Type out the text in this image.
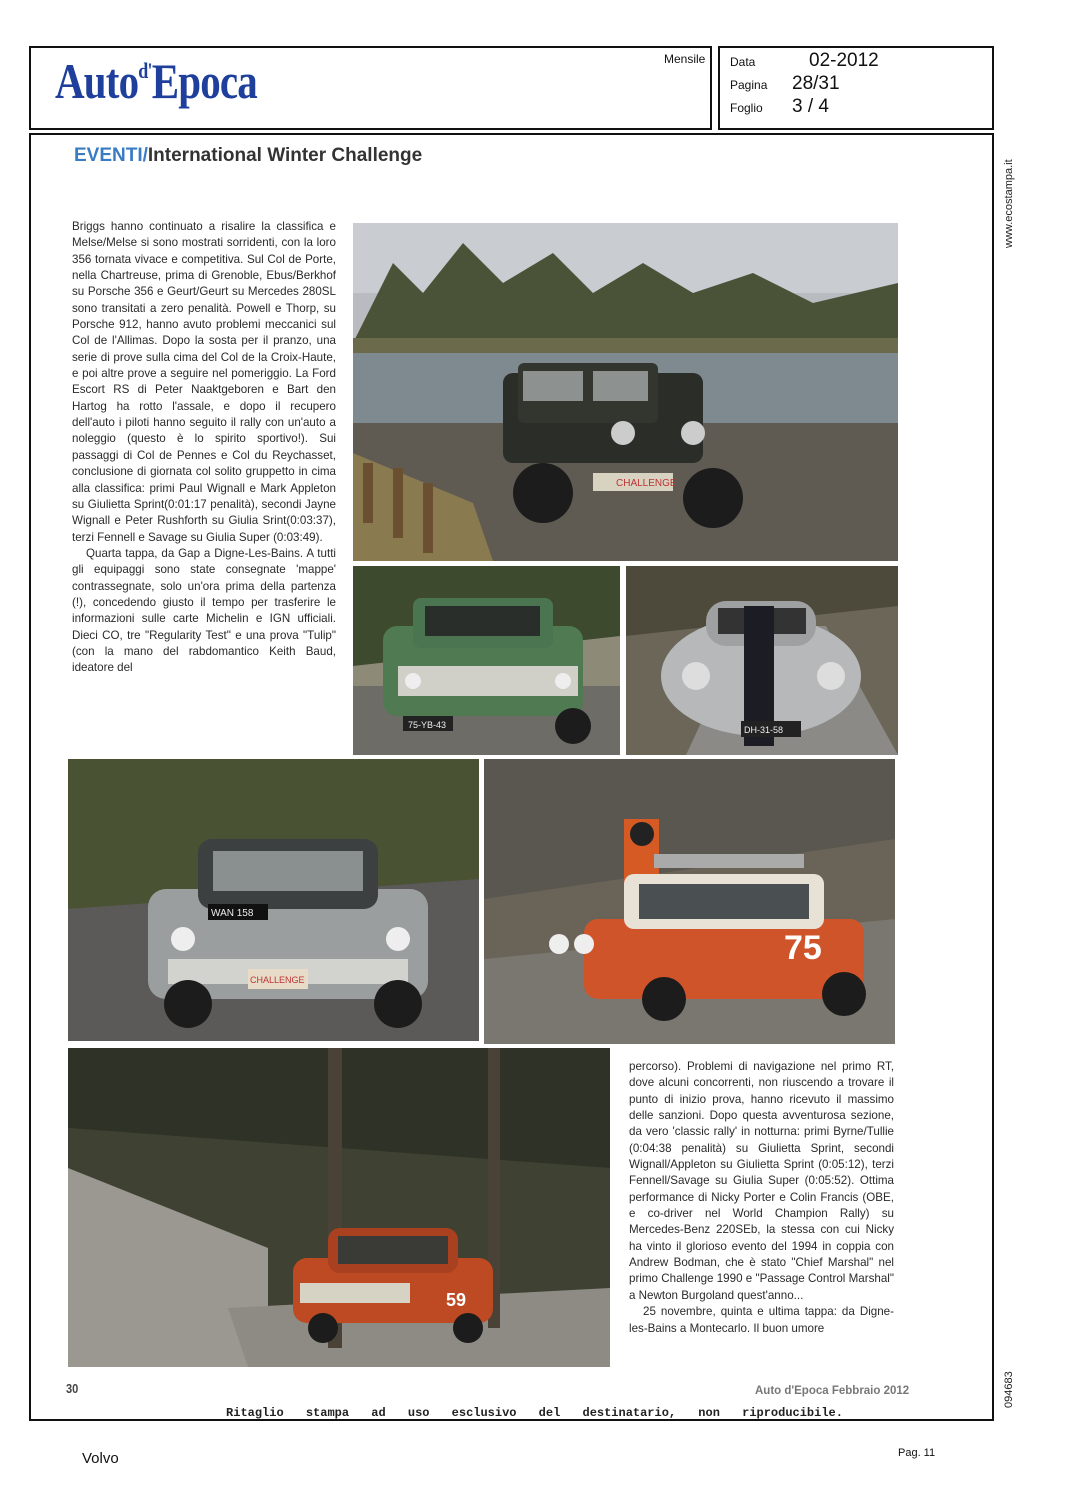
Auto$^{d'}$Epoca	Mensile Data	02-2012
Pagina 28/31
Foglio 3 / 4
www.ecostampa.it
094683
EVENTI/International Winter Challenge

Briggs hanno continuato a risalire la classifica e Melse/Melse si sono mostrati sorridenti, con la loro 356 tornata vivace e competitiva. Sul Col de Porte, nella Chartreuse, prima di Grenoble, Ebus/Berkhof su Porsche 356 e Geurt/Geurt su Mercedes 280SL sono transitati a zero penalità. Powell e Thorp, su Porsche 912, hanno avuto problemi meccanici sul Col de l'Allimas. Dopo la sosta per il pranzo, una serie di prove sulla cima del Col de la Croix-Haute, e poi altre prove a seguire nel pomeriggio. La Ford Escort RS di Peter Naaktgeboren e Bart den Hartog ha rotto l'assale, e dopo il recupero dell'auto i piloti hanno seguito il rally con un'auto a noleggio (questo è lo spirito sportivo!). Sui passaggi di Col de Pennes e Col du Reychasset, conclusione di giornata col solito gruppetto in cima alla classifica: primi Paul Wignall e Mark Appleton su Giulietta Sprint(0:01:17 penalità), secondi Jayne Wignall e Peter Rushforth su Giulia Srint(0:03:37), terzi Fennell e Savage su Giulia Super (0:03:49).

Quarta tappa, da Gap a Digne-Les-Bains. A tutti gli equipaggi sono state consegnate 'mappe' contrassegnate, solo un'ora prima della partenza (!), concedendo giusto il tempo per trasferire le informazioni sulle carte Michelin e IGN ufficiali. Dieci CO, tre "Regularity Test" e una prova "Tulip" (con la mano del rabdomantico Keith Baud, ideatore del

CHALLENGE
75-YB-43	DH-31-58
WAN 158
CHALLENGE
75
59

percorso). Problemi di navigazione nel primo RT, dove alcuni concorrenti, non riuscendo a trovare il punto di inizio prova, hanno ricevuto il massimo delle sanzioni. Dopo questa avventurosa sezione, da vero 'classic rally' in notturna: primi Byrne/Tullie (0:04:38 penalità) su Giulietta Sprint, secondi Wignall/Appleton su Giulietta Sprint (0:05:12), terzi Fennell/Savage su Giulia Super (0:05:52). Ottima performance di Nicky Porter e Colin Francis (OBE, e co-driver nel World Champion Rally) su Mercedes-Benz 220SEb, la stessa con cui Nicky ha vinto il glorioso evento del 1994 in coppia con Andrew Bodman, che è stato "Chief Marshal" nel primo Challenge 1990 e "Passage Control Marshal" a Newton Burgoland quest'anno...

25 novembre, quinta e ultima tappa: da Digne-les-Bains a Montecarlo. Il buon umore

30	Auto d'Epoca Febbraio 2012
Ritaglio stampa ad uso esclusivo del destinatario, non riproducibile.
Volvo	Pag. 11
